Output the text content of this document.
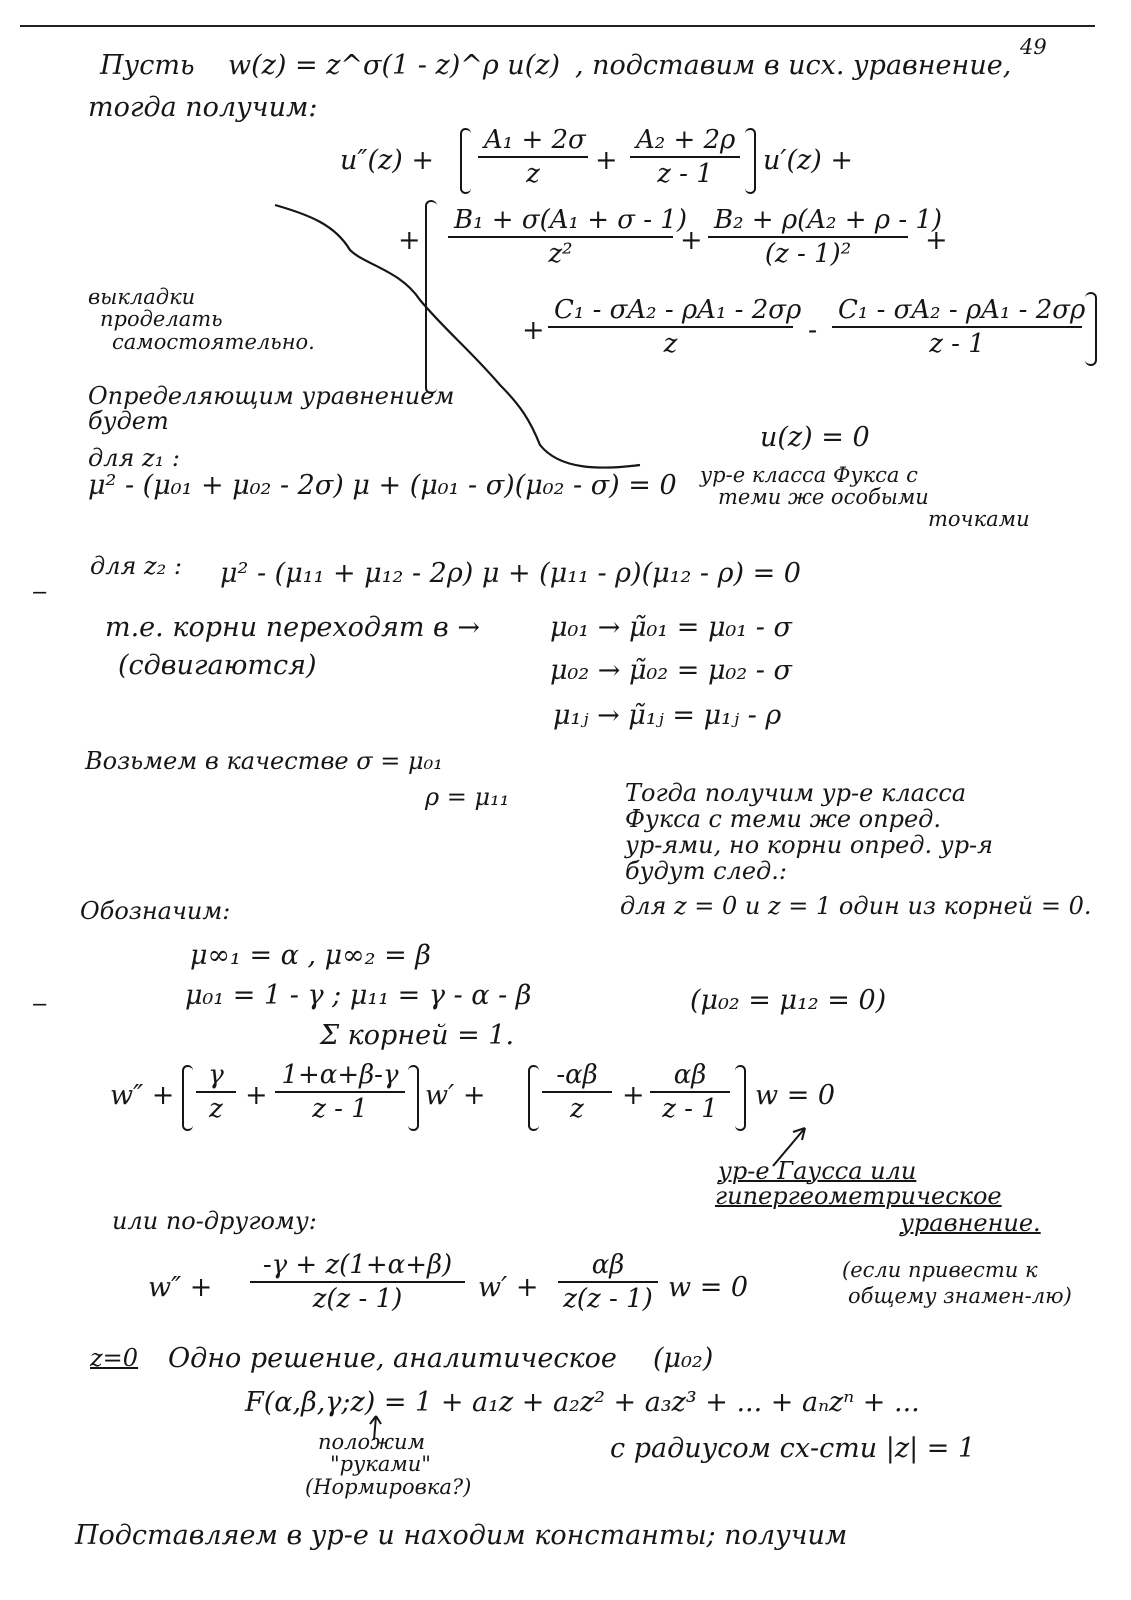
49
Пусть w(z) = z^σ(1 - z)^ρ u(z) , подставим в исх. уравнение,
тогда получим:
$u''(z) + \frac{\text{A₁ + 2σ}}{z} + \frac{\text{A₂ + 2ρ}}{z - 1} u'(z)$ +
+ $\frac{\text{B₁ + σ(A₁ + σ - 1)}}{\text{z²}} + \frac{\text{B₂ + ρ(A₂ + ρ - 1)}}{\text{(z - 1)²}}$ +
+ $\frac{\text{C₁ - σA₂ - ρA₁ - 2σρ}}{z} - \frac{\text{C₁ - σA₂ - ρA₁ - 2σρ}}{z - 1}$
выкладки
проделать
самостоятельно.
Определяющим уравнением
будет
u(z) = 0
для z₁ :
μ² - (μ₀₁ + μ₀₂ - 2σ) μ + (μ₀₁ - σ)(μ₀₂ - σ) = 0 ур-е класса Фукса с
теми же особыми
точками
для z₂ : μ² - (μ₁₁ + μ₁₂ - 2ρ) μ + (μ₁₁ - ρ)(μ₁₂ - ρ) = 0
‒
т.е. корни переходят в →
(сдвигаются)
μ₀₁ → μ̃₀₁ = μ₀₁ - σ
μ₀₂ → μ̃₀₂ = μ₀₂ - σ
μ₁ⱼ → μ̃₁ⱼ = μ₁ⱼ - ρ
Возьмем в качестве σ = μ₀₁
ρ = μ₁₁	Тогда получим ур-е класса
Фукса с теми же опред.
ур-ями, но корни опред. ур-я
будут след.:
для z = 0 и z = 1 один из корней = 0.
Обозначим:
μ∞₁ = α , μ∞₂ = β
‒	μ₀₁ = 1 - γ ; μ₁₁ = γ - α - β	(μ₀₂ = μ₁₂ = 0)
Σ корней = 1.
$w'' + \frac{\gamma}{z} + \frac{1+\alpha+\beta-\gamma}{z - 1} w' + \frac{-\alpha\beta}{z} + \frac{\alpha\beta}{z - 1}$ w = 0
ур-е Гаусса или
гипергеометрическое
уравнение.
или по-другому:
$w'' + \frac{-\gamma + z(1+\alpha+\beta)}{z(z - 1)} w' + \frac{\alpha\beta}{z(z - 1)}$ w = 0
(если привести к
общему знамен-лю)
z=0 Одно решение, аналитическое (μ₀₂)
F(α,β,γ;z) = 1 + a₁z + a₂z² + a₃z³ + ... + aₙzⁿ + ...
положим
"руками"
(Нормировка?)
с радиусом сх-сти |z| = 1
Подставляем в ур-е и находим константы; получим
